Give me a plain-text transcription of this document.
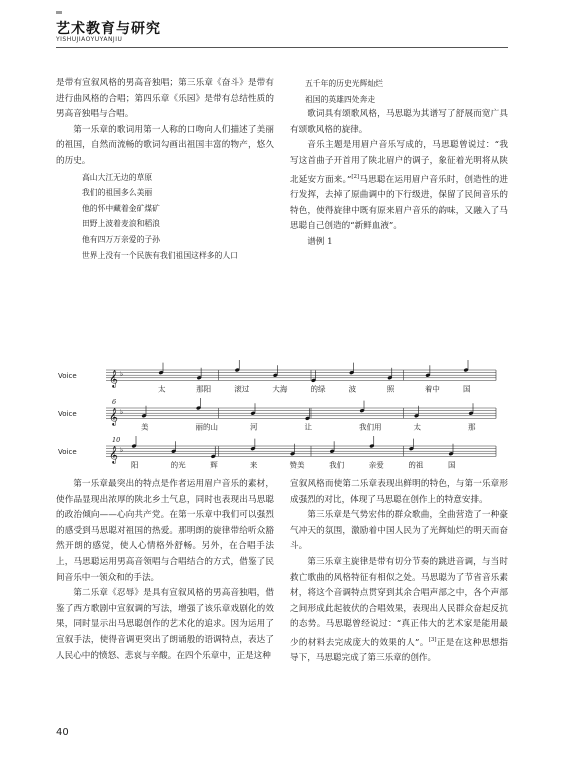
艺术教育与研究
YISHUJIAOYUYANJIU

是带有宣叙风格的男高音独唱；第三乐章《奋斗》是带有进行曲风格的合唱；第四乐章《乐园》是带有总结性质的男高音独唱与合唱。

第一乐章的歌词用第一人称的口吻向人们描述了美丽的祖国，自然而流畅的歌词勾画出祖国丰富的物产，悠久的历史。

高山大江无边的草原
我们的祖国多么美丽
他的怀中藏着金矿煤矿
田野上波着麦浪和稻浪
他有四万万亲爱的子孙
世界上没有一个民族有我们祖国这样多的人口
五千年的历史光辉灿烂
祖国的英雄四处奔走

歌词具有颂歌风格，马思聪为其谱写了舒展而宽广具有颂歌风格的旋律。

音乐主题是用眉户音乐写成的，马思聪曾说过：“我写这首曲子开首用了陕北眉户的调子，象征着光明将从陕北延安方面来。”[2]马思聪在运用眉户音乐时，创造性的进行发挥，去掉了原曲调中的下行级进，保留了民间音乐的特色，使得旋律中既有原来眉户音乐的韵味，又融入了马思聪自己创造的“新鲜血液”。

谱例 1

Voice 𝄞 ♭
太	那阳	滚过	大海	的绿	波	照	着中	国
Voice
6
𝄞 ♭
美	丽的山	河	让	我们用	太	那
Voice
10
𝄞 ♭
阳	的光	辉	来	赞美	我们	亲爱	的祖	国

第一乐章最突出的特点是作者运用眉户音乐的素材，使作品显现出浓厚的陕北乡土气息，同时也表现出马思聪的政治倾向——心向共产党。在第一乐章中我们可以强烈的感受到马思聪对祖国的热爱。那明朗的旋律带给听众豁然开朗的感觉，使人心情格外舒畅。另外，在合唱手法上，马思聪运用男高音领唱与合唱结合的方式，借鉴了民间音乐中一领众和的手法。

第二乐章《忍辱》是具有宣叙风格的男高音独唱，借鉴了西方歌剧中宣叙调的写法，增强了该乐章戏剧化的效果，同时显示出马思聪创作的艺术化的追求。因为运用了宣叙手法，使得音调更突出了朗诵般的语调特点，表达了人民心中的愤怒、悲哀与辛酸。在四个乐章中，正是这种

宣叙风格而使第二乐章表现出鲜明的特色，与第一乐章形成强烈的对比，体现了马思聪在创作上的特意安排。

第三乐章是气势宏伟的群众歌曲，全曲营造了一种豪气冲天的氛围，激励着中国人民为了光辉灿烂的明天而奋斗。

第三乐章主旋律是带有切分节奏的跳进音调，与当时救亡歌曲的风格特征有相似之处。马思聪为了节省音乐素材，将这个音调特点贯穿到其余合唱声部之中，各个声部之间形成此起彼伏的合唱效果，表现出人民群众奋起反抗的态势。马思聪曾经说过：“真正伟大的艺术家是能用最少的材料去完成庞大的效果的人”。[3]正是在这种思想指导下，马思聪完成了第三乐章的创作。

40
